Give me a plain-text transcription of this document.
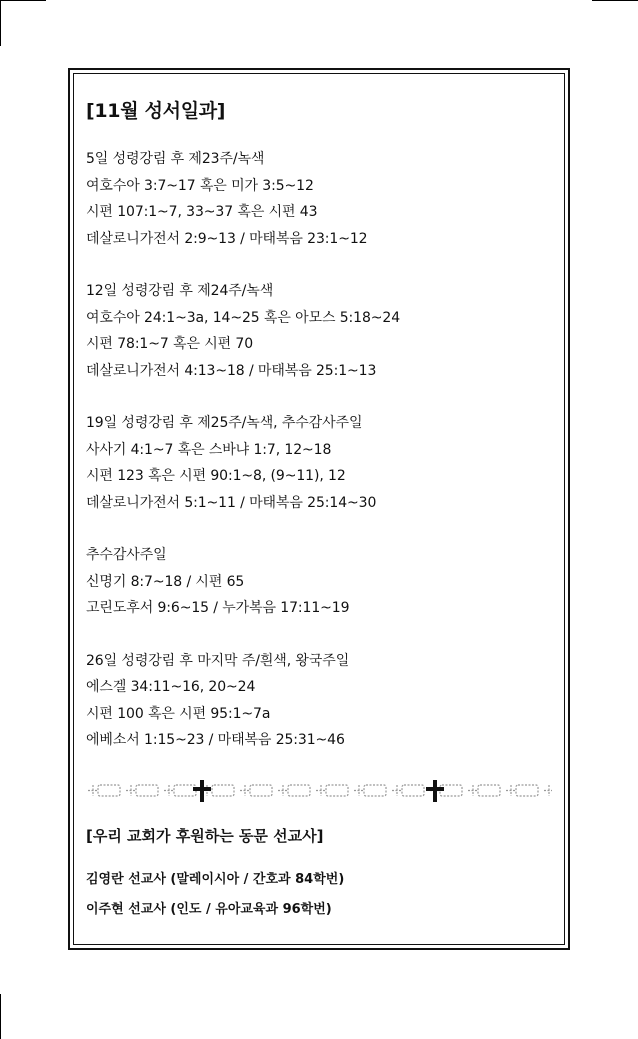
[11월 성서일과]
5일 성령강림 후 제23주/녹색
여호수아 3:7~17 혹은 미가 3:5~12
시편 107:1~7, 33~37 혹은 시편 43
데살로니가전서 2:9~13 / 마태복음 23:1~12
12일 성령강림 후 제24주/녹색
여호수아 24:1~3a, 14~25 혹은 아모스 5:18~24
시편 78:1~7 혹은 시편 70
데살로니가전서 4:13~18 / 마태복음 25:1~13
19일 성령강림 후 제25주/녹색, 추수감사주일
사사기 4:1~7 혹은 스바냐 1:7, 12~18
시편 123 혹은 시편 90:1~8, (9~11), 12
데살로니가전서 5:1~11 / 마태복음 25:14~30
추수감사주일
신명기 8:7~18 / 시편 65
고린도후서 9:6~15 / 누가복음 17:11~19
26일 성령강림 후 마지막 주/흰색, 왕국주일
에스겔 34:11~16, 20~24
시편 100 혹은 시편 95:1~7a
에베소서 1:15~23 / 마태복음 25:31~46
[우리 교회가 후원하는 동문 선교사]
김영란 선교사 (말레이시아 / 간호과 84학번)
이주현 선교사 (인도 / 유아교육과 96학번)
